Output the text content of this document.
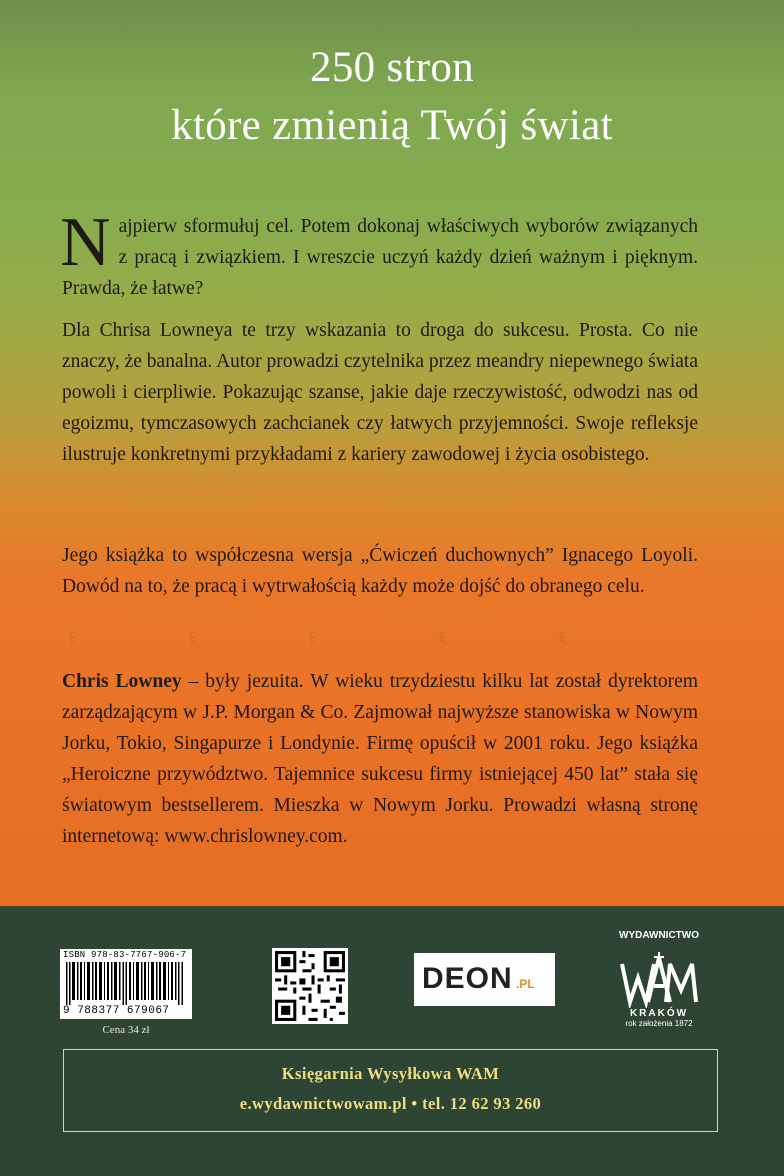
250 stron
które zmienią Twój świat
Najpierw sformułuj cel. Potem dokonaj właściwych wyborów związanych z pracą i związkiem. I wreszcie uczyń każdy dzień ważnym i pięknym. Prawda, że łatwe?
Dla Chrisa Lowneya te trzy wskazania to droga do sukcesu. Prosta. Co nie znaczy, że banalna. Autor prowadzi czytelnika przez meandry niepewnego świata powoli i cierpliwie. Pokazując szanse, jakie daje rzeczywistość, odwodzi nas od egoizmu, tymczasowych zachcianek czy łatwych przyjemności. Swoje refleksje ilustruje konkretnymi przykładami z kariery zawodowej i życia osobistego.
Jego książka to współczesna wersja „Ćwiczeń duchownych” Ignacego Loyoli. Dowód na to, że pracą i wytrwałością każdy może dojść do obranego celu.
§	§	§	§	§
Chris Lowney – były jezuita. W wieku trzydziestu kilku lat został dyrektorem zarządzającym w J.P. Morgan & Co. Zajmował najwyższe stanowiska w Nowym Jorku, Tokio, Singapurze i Londynie. Firmę opuścił w 2001 roku. Jego książka „Heroiczne przywództwo. Tajemnice sukcesu firmy istniejącej 450 lat” stała się światowym bestsellerem. Mieszka w Nowym Jorku. Prowadzi własną stronę internetową: www.chrislowney.com.
ISBN 978-83-7767-906-7
9 788377 679067
Cena 34 zł
DEON .PL
WYDAWNICTWO
KRAKÓW
rok założenia 1872
Księgarnia Wysyłkowa WAM
e.wydawnictwowam.pl • tel. 12 62 93 260
